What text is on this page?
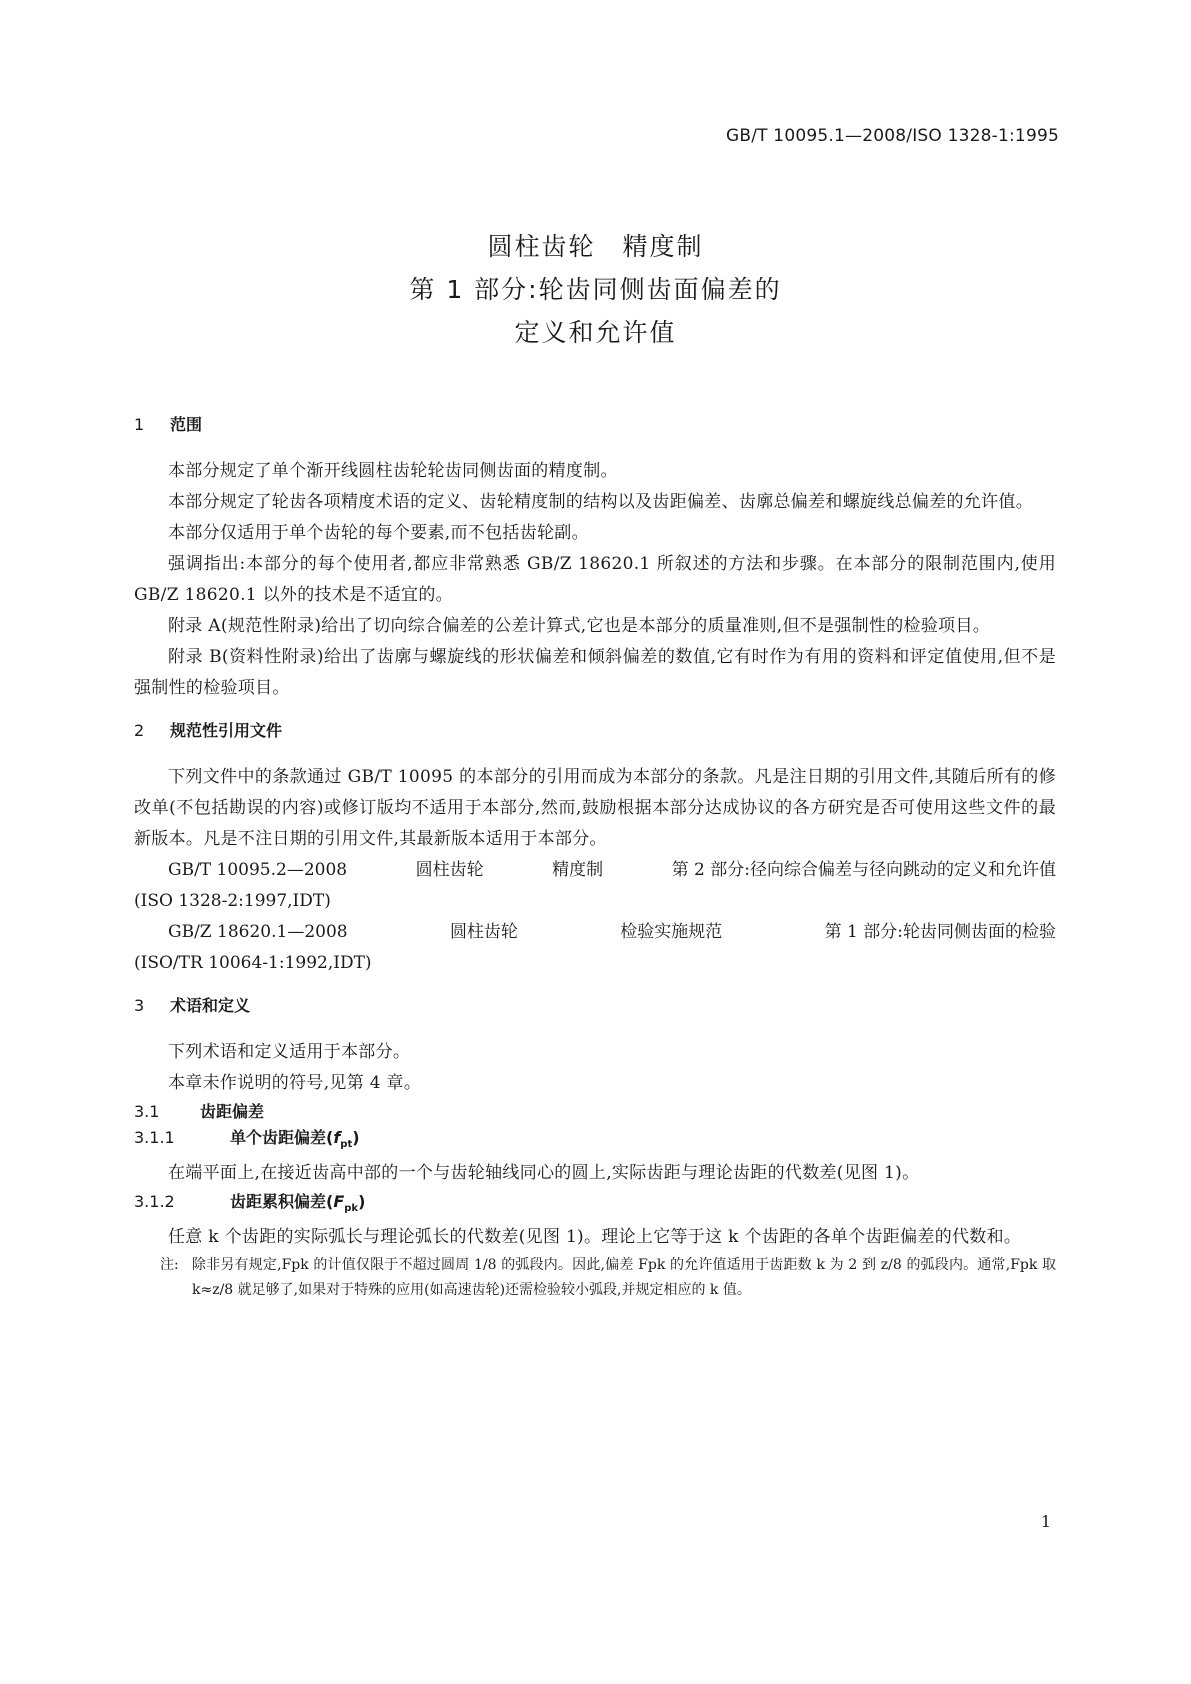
GB/T 10095.1—2008/ISO 1328-1:1995
圆柱齿轮　精度制
第 1 部分:轮齿同侧齿面偏差的
定义和允许值
1 范围

本部分规定了单个渐开线圆柱齿轮轮齿同侧齿面的精度制。

本部分规定了轮齿各项精度术语的定义、齿轮精度制的结构以及齿距偏差、齿廓总偏差和螺旋线总偏差的允许值。

本部分仅适用于单个齿轮的每个要素,而不包括齿轮副。

强调指出:本部分的每个使用者,都应非常熟悉 GB/Z 18620.1 所叙述的方法和步骤。在本部分的限制范围内,使用 GB/Z 18620.1 以外的技术是不适宜的。

附录 A(规范性附录)给出了切向综合偏差的公差计算式,它也是本部分的质量准则,但不是强制性的检验项目。

附录 B(资料性附录)给出了齿廓与螺旋线的形状偏差和倾斜偏差的数值,它有时作为有用的资料和评定值使用,但不是强制性的检验项目。

2 规范性引用文件

下列文件中的条款通过 GB/T 10095 的本部分的引用而成为本部分的条款。凡是注日期的引用文件,其随后所有的修改单(不包括勘误的内容)或修订版均不适用于本部分,然而,鼓励根据本部分达成协议的各方研究是否可使用这些文件的最新版本。凡是不注日期的引用文件,其最新版本适用于本部分。

GB/T 10095.2—2008	圆柱齿轮	精度制	第 2 部分:径向综合偏差与径向跳动的定义和允许值
(ISO 1328-2:1997,IDT)
GB/Z 18620.1—2008	圆柱齿轮	检验实施规范	第 1 部分:轮齿同侧齿面的检验
(ISO/TR 10064-1:1992,IDT)
3 术语和定义

下列术语和定义适用于本部分。

本章未作说明的符号,见第 4 章。

3.1	齿距偏差
3.1.1	单个齿距偏差$(f_{pt})$

在端平面上,在接近齿高中部的一个与齿轮轴线同心的圆上,实际齿距与理论齿距的代数差(见图 1)。

3.1.2	齿距累积偏差$(F_{pk})$

任意 k 个齿距的实际弧长与理论弧长的代数差(见图 1)。理论上它等于这 k 个齿距的各单个齿距偏差的代数和。

注: 除非另有规定,Fpk 的计值仅限于不超过圆周 1/8 的弧段内。因此,偏差 Fpk 的允许值适用于齿距数 k 为 2 到 z/8 的弧段内。通常,Fpk 取 k≈z/8 就足够了,如果对于特殊的应用(如高速齿轮)还需检验较小弧段,并规定相应的 k 值。
1
